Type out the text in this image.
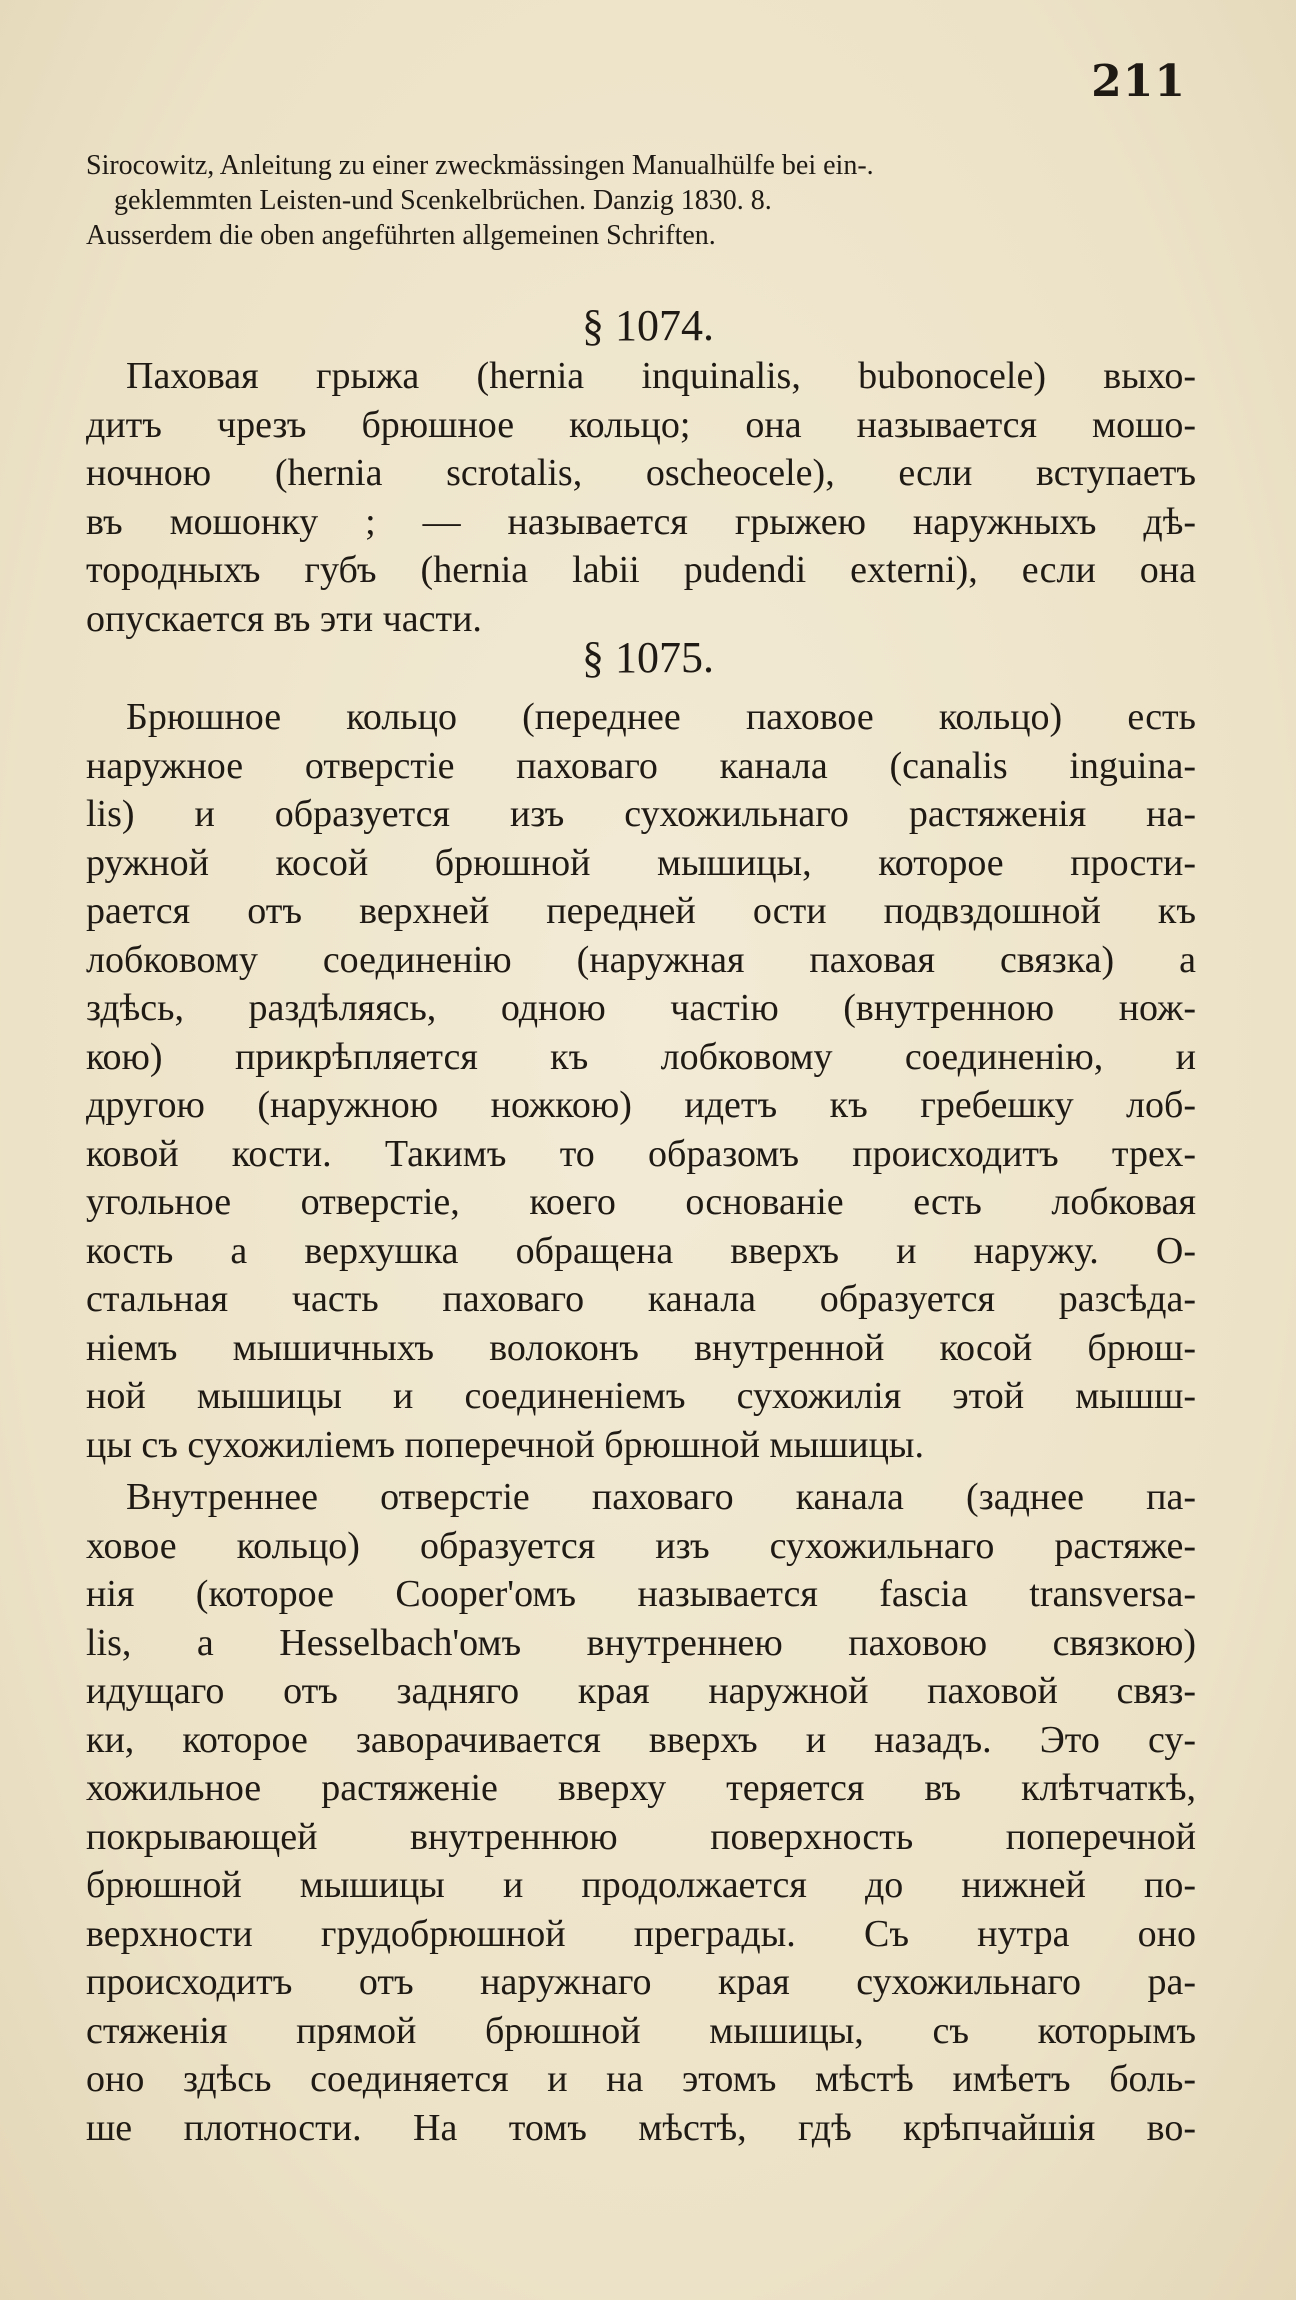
211
Sirocowitz, Anleitung zu einer zweckmässingen Manualhülfe bei ein-.
geklemmten Leisten-und Scenkelbrüchen. Danzig 1830. 8.
Ausserdem die oben angeführten allgemeinen Schriften.
§ 1074.
Паховая грыжа (hernia inquinalis, bubonocele) выхо-
дитъ чрезъ брюшное кольцо; она называется мошо-
ночною (hernia scrotalis, oscheocele), если вступаетъ
въ мошонку ; — называется грыжею наружныхъ дѣ-
тородныхъ губъ (hernia labii pudendi externi), если она
опускается въ эти части.
§ 1075.
Брюшное кольцо (переднее паховое кольцо) есть
наружное отверстіе паховаго канала (canalis inguina-
lis) и образуется изъ сухожильнаго растяженія на-
ружной косой брюшной мышицы, которое прости-
рается отъ верхней передней ости подвздошной къ
лобковому соединенію (наружная паховая связка) а
здѣсь, раздѣляясь, одною частію (внутренною нож-
кою) прикрѣпляется къ лобковому соединенію, и
другою (наружною ножкою) идетъ къ гребешку лоб-
ковой кости. Такимъ то образомъ происходитъ трех-
угольное отверстіе, коего основаніе есть лобковая
кость а верхушка обращена вверхъ и наружу. О-
стальная часть паховаго канала образуется разсѣда-
ніемъ мышичныхъ волоконъ внутренной косой брюш-
ной мышицы и соединеніемъ сухожилія этой мышш-
цы съ сухожиліемъ поперечной брюшной мышицы.
Внутреннее отверстіе паховаго канала (заднее па-
ховое кольцо) образуется изъ сухожильнаго растяже-
нія (которое Cooper'омъ называется fascia transversa-
lis, а Hesselbach'омъ внутреннею паховою связкою)
идущаго отъ задняго края наружной паховой связ-
ки, которое заворачивается вверхъ и назадъ. Это су-
хожильное растяженіе вверху теряется въ клѣтчаткѣ,
покрывающей внутреннюю поверхность поперечной
брюшной мышицы и продолжается до нижней по-
верхности грудобрюшной преграды. Съ нутра оно
происходитъ отъ наружнаго края сухожильнаго ра-
стяженія прямой брюшной мышицы, съ которымъ
оно здѣсь соединяется и на этомъ мѣстѣ имѣетъ боль-
ше плотности. На томъ мѣстѣ, гдѣ крѣпчайшія во-
